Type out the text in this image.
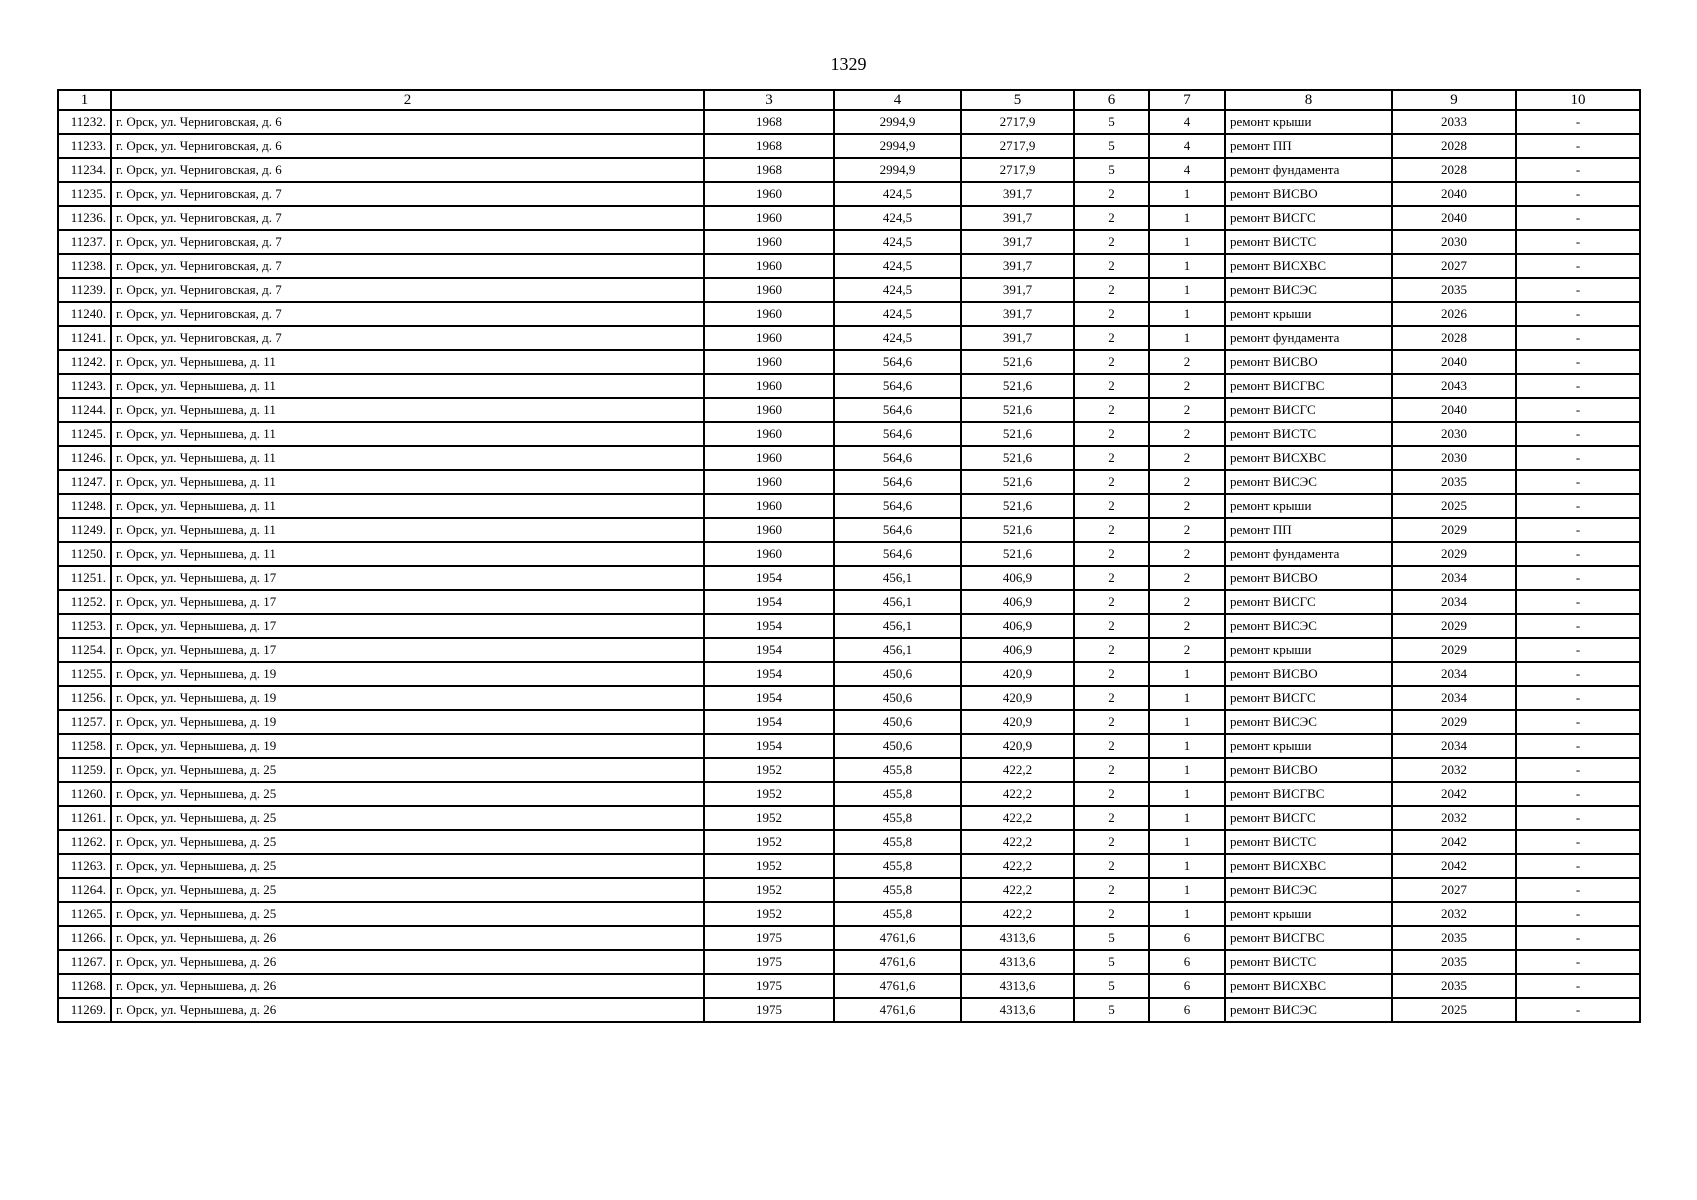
1329
1	2	3	4	5	6	7	8	9	10
11232.	г. Орск, ул. Черниговская, д. 6	1968	2994,9	2717,9	5	4	ремонт крыши	2033	-
11233.	г. Орск, ул. Черниговская, д. 6	1968	2994,9	2717,9	5	4	ремонт ПП	2028	-
11234.	г. Орск, ул. Черниговская, д. 6	1968	2994,9	2717,9	5	4	ремонт фундамента	2028	-
11235.	г. Орск, ул. Черниговская, д. 7	1960	424,5	391,7	2	1	ремонт ВИСВО	2040	-
11236.	г. Орск, ул. Черниговская, д. 7	1960	424,5	391,7	2	1	ремонт ВИСГС	2040	-
11237.	г. Орск, ул. Черниговская, д. 7	1960	424,5	391,7	2	1	ремонт ВИСТС	2030	-
11238.	г. Орск, ул. Черниговская, д. 7	1960	424,5	391,7	2	1	ремонт ВИСХВС	2027	-
11239.	г. Орск, ул. Черниговская, д. 7	1960	424,5	391,7	2	1	ремонт ВИСЭС	2035	-
11240.	г. Орск, ул. Черниговская, д. 7	1960	424,5	391,7	2	1	ремонт крыши	2026	-
11241.	г. Орск, ул. Черниговская, д. 7	1960	424,5	391,7	2	1	ремонт фундамента	2028	-
11242.	г. Орск, ул. Чернышева, д. 11	1960	564,6	521,6	2	2	ремонт ВИСВО	2040	-
11243.	г. Орск, ул. Чернышева, д. 11	1960	564,6	521,6	2	2	ремонт ВИСГВС	2043	-
11244.	г. Орск, ул. Чернышева, д. 11	1960	564,6	521,6	2	2	ремонт ВИСГС	2040	-
11245.	г. Орск, ул. Чернышева, д. 11	1960	564,6	521,6	2	2	ремонт ВИСТС	2030	-
11246.	г. Орск, ул. Чернышева, д. 11	1960	564,6	521,6	2	2	ремонт ВИСХВС	2030	-
11247.	г. Орск, ул. Чернышева, д. 11	1960	564,6	521,6	2	2	ремонт ВИСЭС	2035	-
11248.	г. Орск, ул. Чернышева, д. 11	1960	564,6	521,6	2	2	ремонт крыши	2025	-
11249.	г. Орск, ул. Чернышева, д. 11	1960	564,6	521,6	2	2	ремонт ПП	2029	-
11250.	г. Орск, ул. Чернышева, д. 11	1960	564,6	521,6	2	2	ремонт фундамента	2029	-
11251.	г. Орск, ул. Чернышева, д. 17	1954	456,1	406,9	2	2	ремонт ВИСВО	2034	-
11252.	г. Орск, ул. Чернышева, д. 17	1954	456,1	406,9	2	2	ремонт ВИСГС	2034	-
11253.	г. Орск, ул. Чернышева, д. 17	1954	456,1	406,9	2	2	ремонт ВИСЭС	2029	-
11254.	г. Орск, ул. Чернышева, д. 17	1954	456,1	406,9	2	2	ремонт крыши	2029	-
11255.	г. Орск, ул. Чернышева, д. 19	1954	450,6	420,9	2	1	ремонт ВИСВО	2034	-
11256.	г. Орск, ул. Чернышева, д. 19	1954	450,6	420,9	2	1	ремонт ВИСГС	2034	-
11257.	г. Орск, ул. Чернышева, д. 19	1954	450,6	420,9	2	1	ремонт ВИСЭС	2029	-
11258.	г. Орск, ул. Чернышева, д. 19	1954	450,6	420,9	2	1	ремонт крыши	2034	-
11259.	г. Орск, ул. Чернышева, д. 25	1952	455,8	422,2	2	1	ремонт ВИСВО	2032	-
11260.	г. Орск, ул. Чернышева, д. 25	1952	455,8	422,2	2	1	ремонт ВИСГВС	2042	-
11261.	г. Орск, ул. Чернышева, д. 25	1952	455,8	422,2	2	1	ремонт ВИСГС	2032	-
11262.	г. Орск, ул. Чернышева, д. 25	1952	455,8	422,2	2	1	ремонт ВИСТС	2042	-
11263.	г. Орск, ул. Чернышева, д. 25	1952	455,8	422,2	2	1	ремонт ВИСХВС	2042	-
11264.	г. Орск, ул. Чернышева, д. 25	1952	455,8	422,2	2	1	ремонт ВИСЭС	2027	-
11265.	г. Орск, ул. Чернышева, д. 25	1952	455,8	422,2	2	1	ремонт крыши	2032	-
11266.	г. Орск, ул. Чернышева, д. 26	1975	4761,6	4313,6	5	6	ремонт ВИСГВС	2035	-
11267.	г. Орск, ул. Чернышева, д. 26	1975	4761,6	4313,6	5	6	ремонт ВИСТС	2035	-
11268.	г. Орск, ул. Чернышева, д. 26	1975	4761,6	4313,6	5	6	ремонт ВИСХВС	2035	-
11269.	г. Орск, ул. Чернышева, д. 26	1975	4761,6	4313,6	5	6	ремонт ВИСЭС	2025	-
